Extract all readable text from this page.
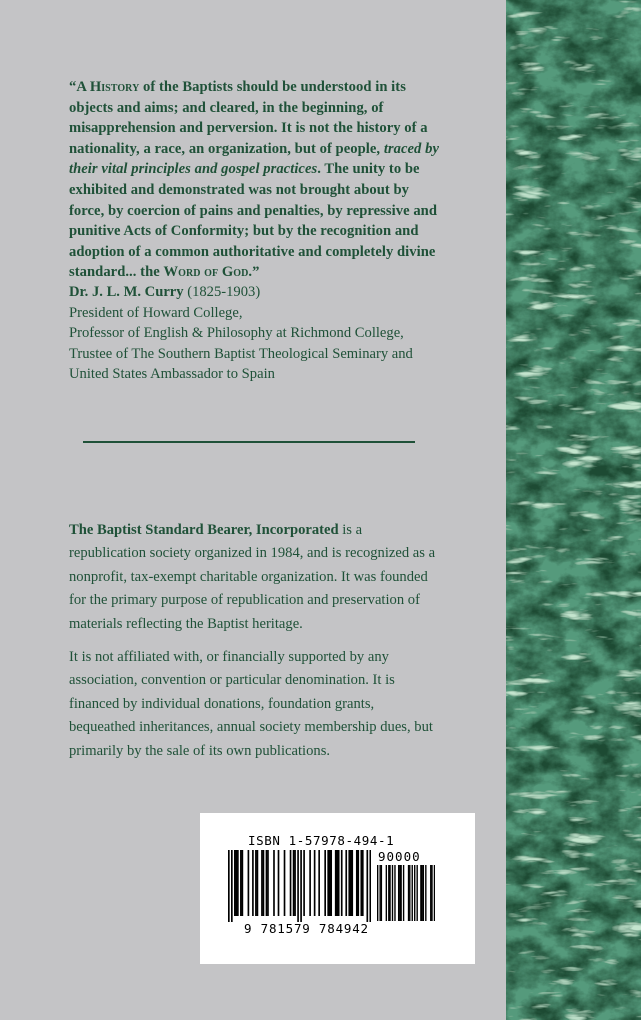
“A History of the Baptists should be understood in its objects and aims; and cleared, in the beginning, of misapprehension and perversion. It is not the history of a nationality, a race, an organization, but of people, traced by their vital principles and gospel practices. The unity to be exhibited and demonstrated was not brought about by force, by coercion of pains and penalties, by repressive and punitive Acts of Conformity; but by the recognition and adoption of a common authoritative and completely divine standard... the Word of God.”
Dr. J. L. M. Curry (1825-1903)
President of Howard College,
Professor of English & Philosophy at Richmond College,
Trustee of The Southern Baptist Theological Seminary and
United States Ambassador to Spain

The Baptist Standard Bearer, Incorporated is a republication society organized in 1984, and is recognized as a nonprofit, tax-exempt charitable organization. It was founded for the primary purpose of republication and preservation of materials reflecting the Baptist heritage.

It is not affiliated with, or financially supported by any association, convention or particular denomination. It is financed by individual donations, foundation grants, bequeathed inheritances, annual society membership dues, but primarily by the sale of its own publications.

ISBN 1-57978-494-1
90000
9 781579 784942
